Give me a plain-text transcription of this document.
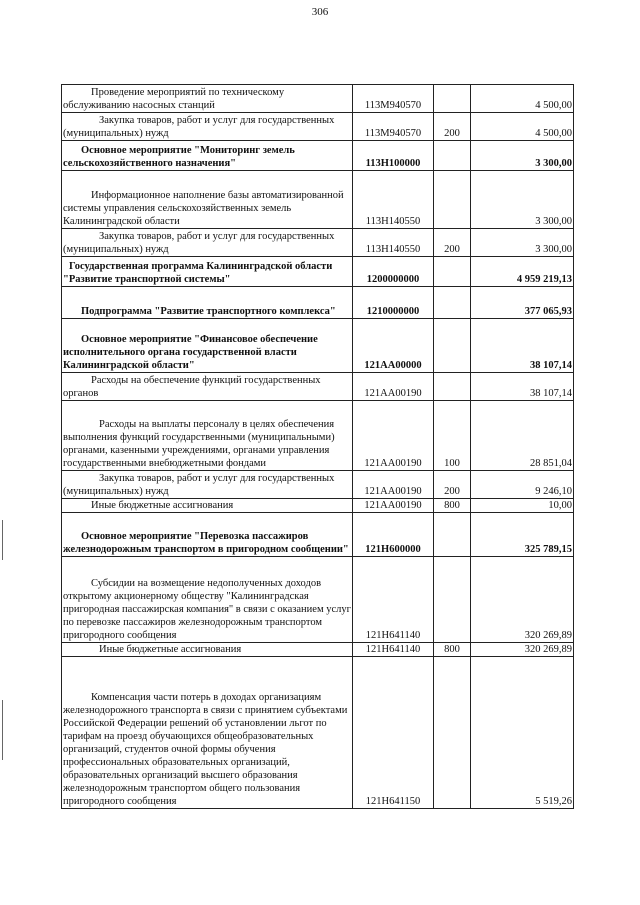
306
Проведение мероприятий по техническому обслуживанию насосных станций	113M940570		4 500,00
Закупка товаров, работ и услуг для государственных (муниципальных) нужд	113M940570	200	4 500,00
Основное мероприятие "Мониторинг земель сельскохозяйственного назначения"	113Н100000		3 300,00
Информационное наполнение базы автоматизированной системы управления сельскохозяйственных земель Калининградской области	113Н140550		3 300,00
Закупка товаров, работ и услуг для государственных (муниципальных) нужд	113Н140550	200	3 300,00
Государственная программа Калининградской области "Развитие транспортной системы"	1200000000		4 959 219,13
Подпрограмма "Развитие транспортного комплекса"	1210000000		377 065,93
Основное мероприятие "Финансовое обеспечение исполнительного органа государственной власти Калининградской области"	121AA00000		38 107,14
Расходы на обеспечение функций государственных органов	121AA00190		38 107,14
Расходы на выплаты персоналу в целях обеспечения выполнения функций государственными (муниципальными) органами, казенными учреждениями, органами управления государственными внебюджетными фондами	121AA00190	100	28 851,04
Закупка товаров, работ и услуг для государственных (муниципальных) нужд	121AA00190	200	9 246,10
Иные бюджетные ассигнования	121AA00190	800	10,00
Основное мероприятие "Перевозка пассажиров железнодорожным транспортом в пригородном сообщении"	121Н600000		325 789,15
Субсидии на возмещение недополученных доходов открытому акционерному обществу "Калининградская пригородная пассажирская компания" в связи с оказанием услуг по перевозке пассажиров железнодорожным транспортом пригородного сообщения	121Н641140		320 269,89
Иные бюджетные ассигнования	121Н641140	800	320 269,89
Компенсация части потерь в доходах организациям железнодорожного транспорта в связи с принятием субъектами Российской Федерации решений об установлении льгот по тарифам на проезд обучающихся общеобразовательных организаций, студентов очной формы обучения профессиональных образовательных организаций, образовательных организаций высшего образования железнодорожным транспортом общего пользования пригородного сообщения	121Н641150		5 519,26
